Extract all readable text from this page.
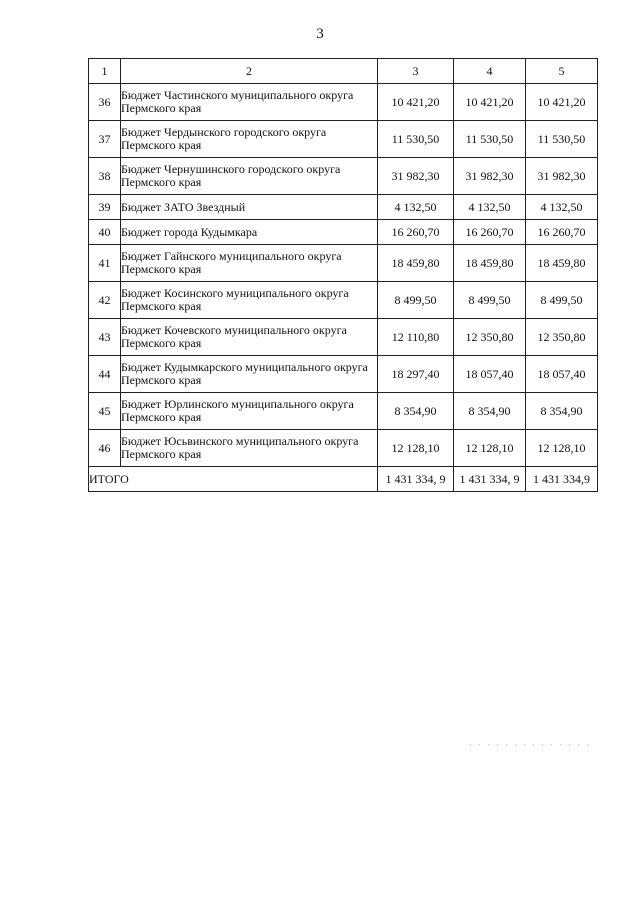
3
1	2	3	4	5
36	Бюджет Частинского муниципального округа Пермского края	10 421,20	10 421,20	10 421,20
37	Бюджет Чердынского городского округа Пермского края	11 530,50	11 530,50	11 530,50
38	Бюджет Чернушинского городского округа Пермского края	31 982,30	31 982,30	31 982,30
39	Бюджет ЗАТО Звездный	4 132,50	4 132,50	4 132,50
40	Бюджет города Кудымкара	16 260,70	16 260,70	16 260,70
41	Бюджет Гайнского муниципального округа Пермского края	18 459,80	18 459,80	18 459,80
42	Бюджет Косинского муниципального округа Пермского края	8 499,50	8 499,50	8 499,50
43	Бюджет Кочевского муниципального округа Пермского края	12 110,80	12 350,80	12 350,80
44	Бюджет Кудымкарского муниципального округа Пермского края	18 297,40	18 057,40	18 057,40
45	Бюджет Юрлинского муниципального округа Пермского края	8 354,90	8 354,90	8 354,90
46	Бюджет Юсьвинского муниципального округа Пермского края	12 128,10	12 128,10	12 128,10
ИТОГО		1 431 334, 9	1 431 334, 9	1 431 334,9
